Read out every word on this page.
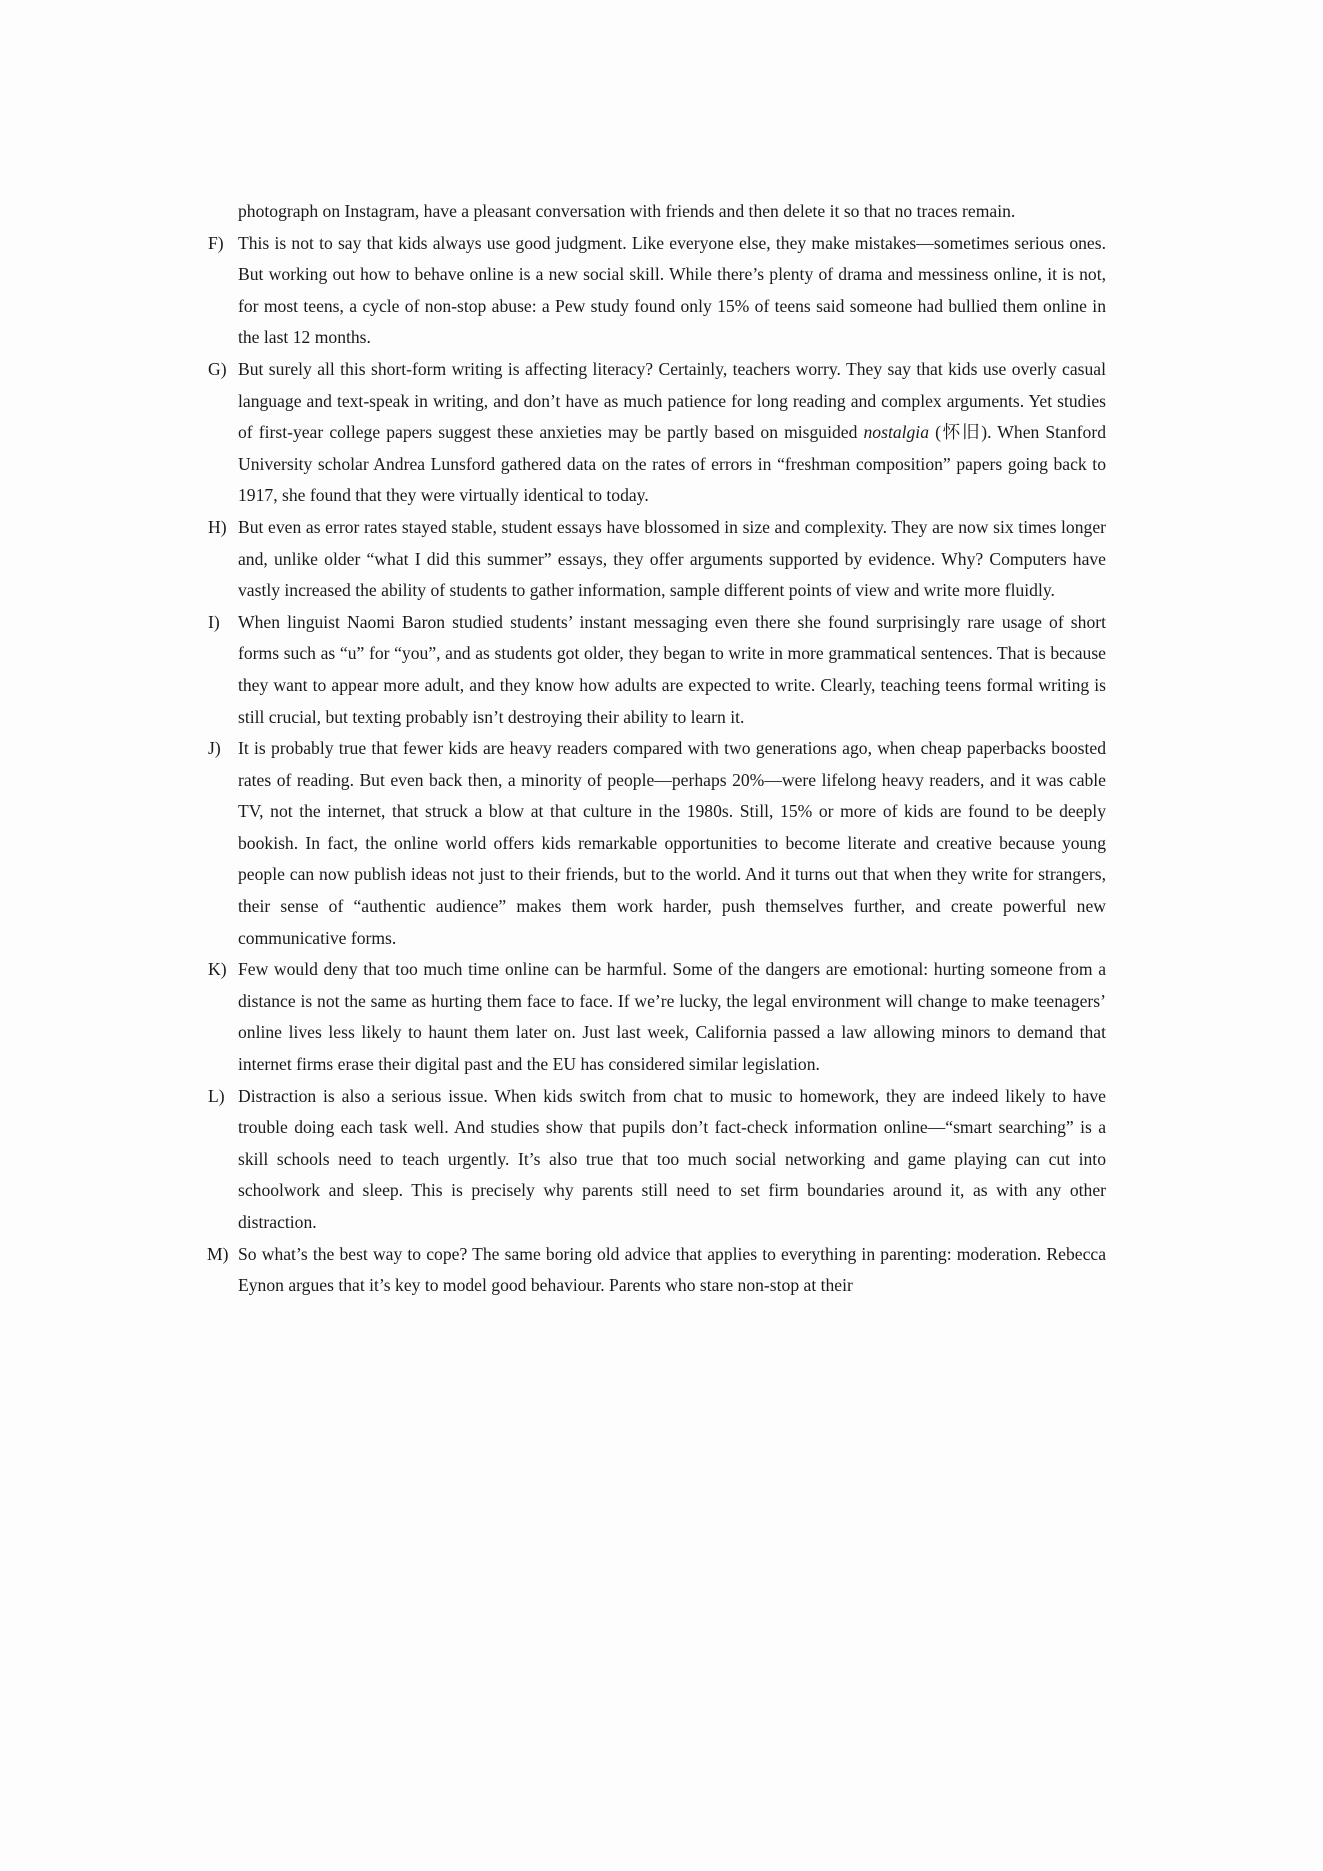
photograph on Instagram, have a pleasant conversation with friends and then delete it so that no traces remain.

F) This is not to say that kids always use good judgment. Like everyone else, they make mistakes—sometimes serious ones. But working out how to behave online is a new social skill. While there’s plenty of drama and messiness online, it is not, for most teens, a cycle of non-stop abuse: a Pew study found only 15% of teens said someone had bullied them online in the last 12 months.

G) But surely all this short-form writing is affecting literacy? Certainly, teachers worry. They say that kids use overly casual language and text-speak in writing, and don’t have as much patience for long reading and complex arguments. Yet studies of first-year college papers suggest these anxieties may be partly based on misguided nostalgia (怀旧). When Stanford University scholar Andrea Lunsford gathered data on the rates of errors in “freshman composition” papers going back to 1917, she found that they were virtually identical to today.

H) But even as error rates stayed stable, student essays have blossomed in size and complexity. They are now six times longer and, unlike older “what I did this summer” essays, they offer arguments supported by evidence. Why? Computers have vastly increased the ability of students to gather information, sample different points of view and write more fluidly.

I)	When linguist Naomi Baron studied students’ instant messaging even there she found surprisingly rare usage of short forms such as “u” for “you”, and as students got older, they began to write in more grammatical sentences. That is because they want to appear more adult, and they know how adults are expected to write. Clearly, teaching teens formal writing is still crucial, but texting probably isn’t destroying their ability to learn it.

J) It is probably true that fewer kids are heavy readers compared with two generations ago, when cheap paperbacks boosted rates of reading. But even back then, a minority of people—perhaps 20%—were lifelong heavy readers, and it was cable TV, not the internet, that struck a blow at that culture in the 1980s. Still, 15% or more of kids are found to be deeply bookish. In fact, the online world offers kids remarkable opportunities to become literate and creative because young people can now publish ideas not just to their friends, but to the world. And it turns out that when they write for strangers, their sense of “authentic audience” makes them work harder, push themselves further, and create powerful new communicative forms.

K) Few would deny that too much time online can be harmful. Some of the dangers are emotional: hurting someone from a distance is not the same as hurting them face to face. If we’re lucky, the legal environment will change to make teenagers’ online lives less likely to haunt them later on. Just last week, California passed a law allowing minors to demand that internet firms erase their digital past and the EU has considered similar legislation.

L) Distraction is also a serious issue. When kids switch from chat to music to homework, they are indeed likely to have trouble doing each task well. And studies show that pupils don’t fact-check information online—“smart searching” is a skill schools need to teach urgently. It’s also true that too much social networking and game playing can cut into schoolwork and sleep. This is precisely why parents still need to set firm boundaries around it, as with any other distraction.

M) So what’s the best way to cope? The same boring old advice that applies to everything in parenting: moderation. Rebecca Eynon argues that it’s key to model good behaviour. Parents who stare non-stop at their
